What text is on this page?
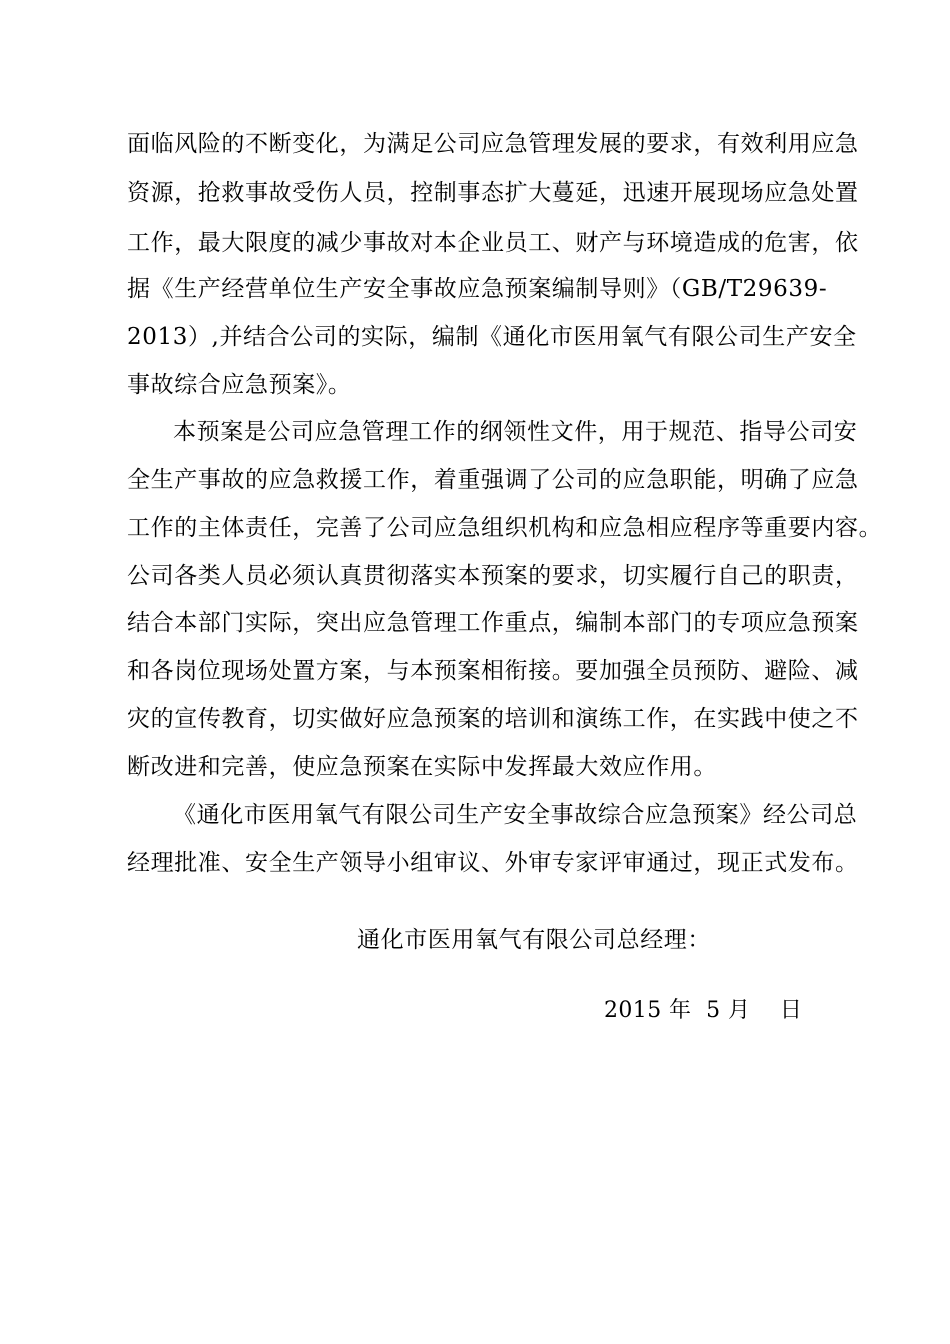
面临风险的不断变化，为满足公司应急管理发展的要求，有效利用应急
资源，抢救事故受伤人员，控制事态扩大蔓延，迅速开展现场应急处置
工作，最大限度的减少事故对本企业员工、财产与环境造成的危害，依
据《生产经营单位生产安全事故应急预案编制导则》（GB/T29639-
2013）,并结合公司的实际，编制《通化市医用氧气有限公司生产安全
事故综合应急预案》。
本预案是公司应急管理工作的纲领性文件，用于规范、指导公司安
全生产事故的应急救援工作，着重强调了公司的应急职能，明确了应急
工作的主体责任，完善了公司应急组织机构和应急相应程序等重要内容。
公司各类人员必须认真贯彻落实本预案的要求，切实履行自己的职责，
结合本部门实际，突出应急管理工作重点，编制本部门的专项应急预案
和各岗位现场处置方案，与本预案相衔接。要加强全员预防、避险、减
灾的宣传教育，切实做好应急预案的培训和演练工作，在实践中使之不
断改进和完善，使应急预案在实际中发挥最大效应作用。
《通化市医用氧气有限公司生产安全事故综合应急预案》经公司总
经理批准、安全生产领导小组审议、外审专家评审通过，现正式发布。
通化市医用氧气有限公司总经理：
2015 年  5 月    日
